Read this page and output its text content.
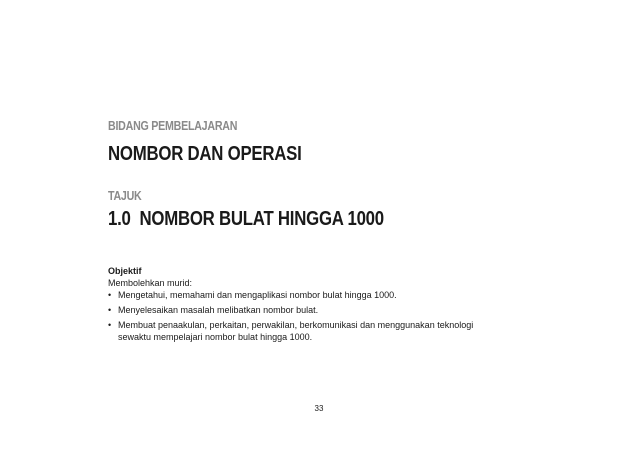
BIDANG PEMBELAJARAN
NOMBOR DAN OPERASI
TAJUK
1.0  NOMBOR BULAT HINGGA 1000

Objektif

Membolehkan murid:

• Mengetahui, memahami dan mengaplikasi nombor bulat hingga 1000.
• Menyelesaikan masalah melibatkan nombor bulat.
• Membuat penaakulan, perkaitan, perwakilan, berkomunikasi dan menggunakan teknologi sewaktu mempelajari nombor bulat hingga 1000.
33
